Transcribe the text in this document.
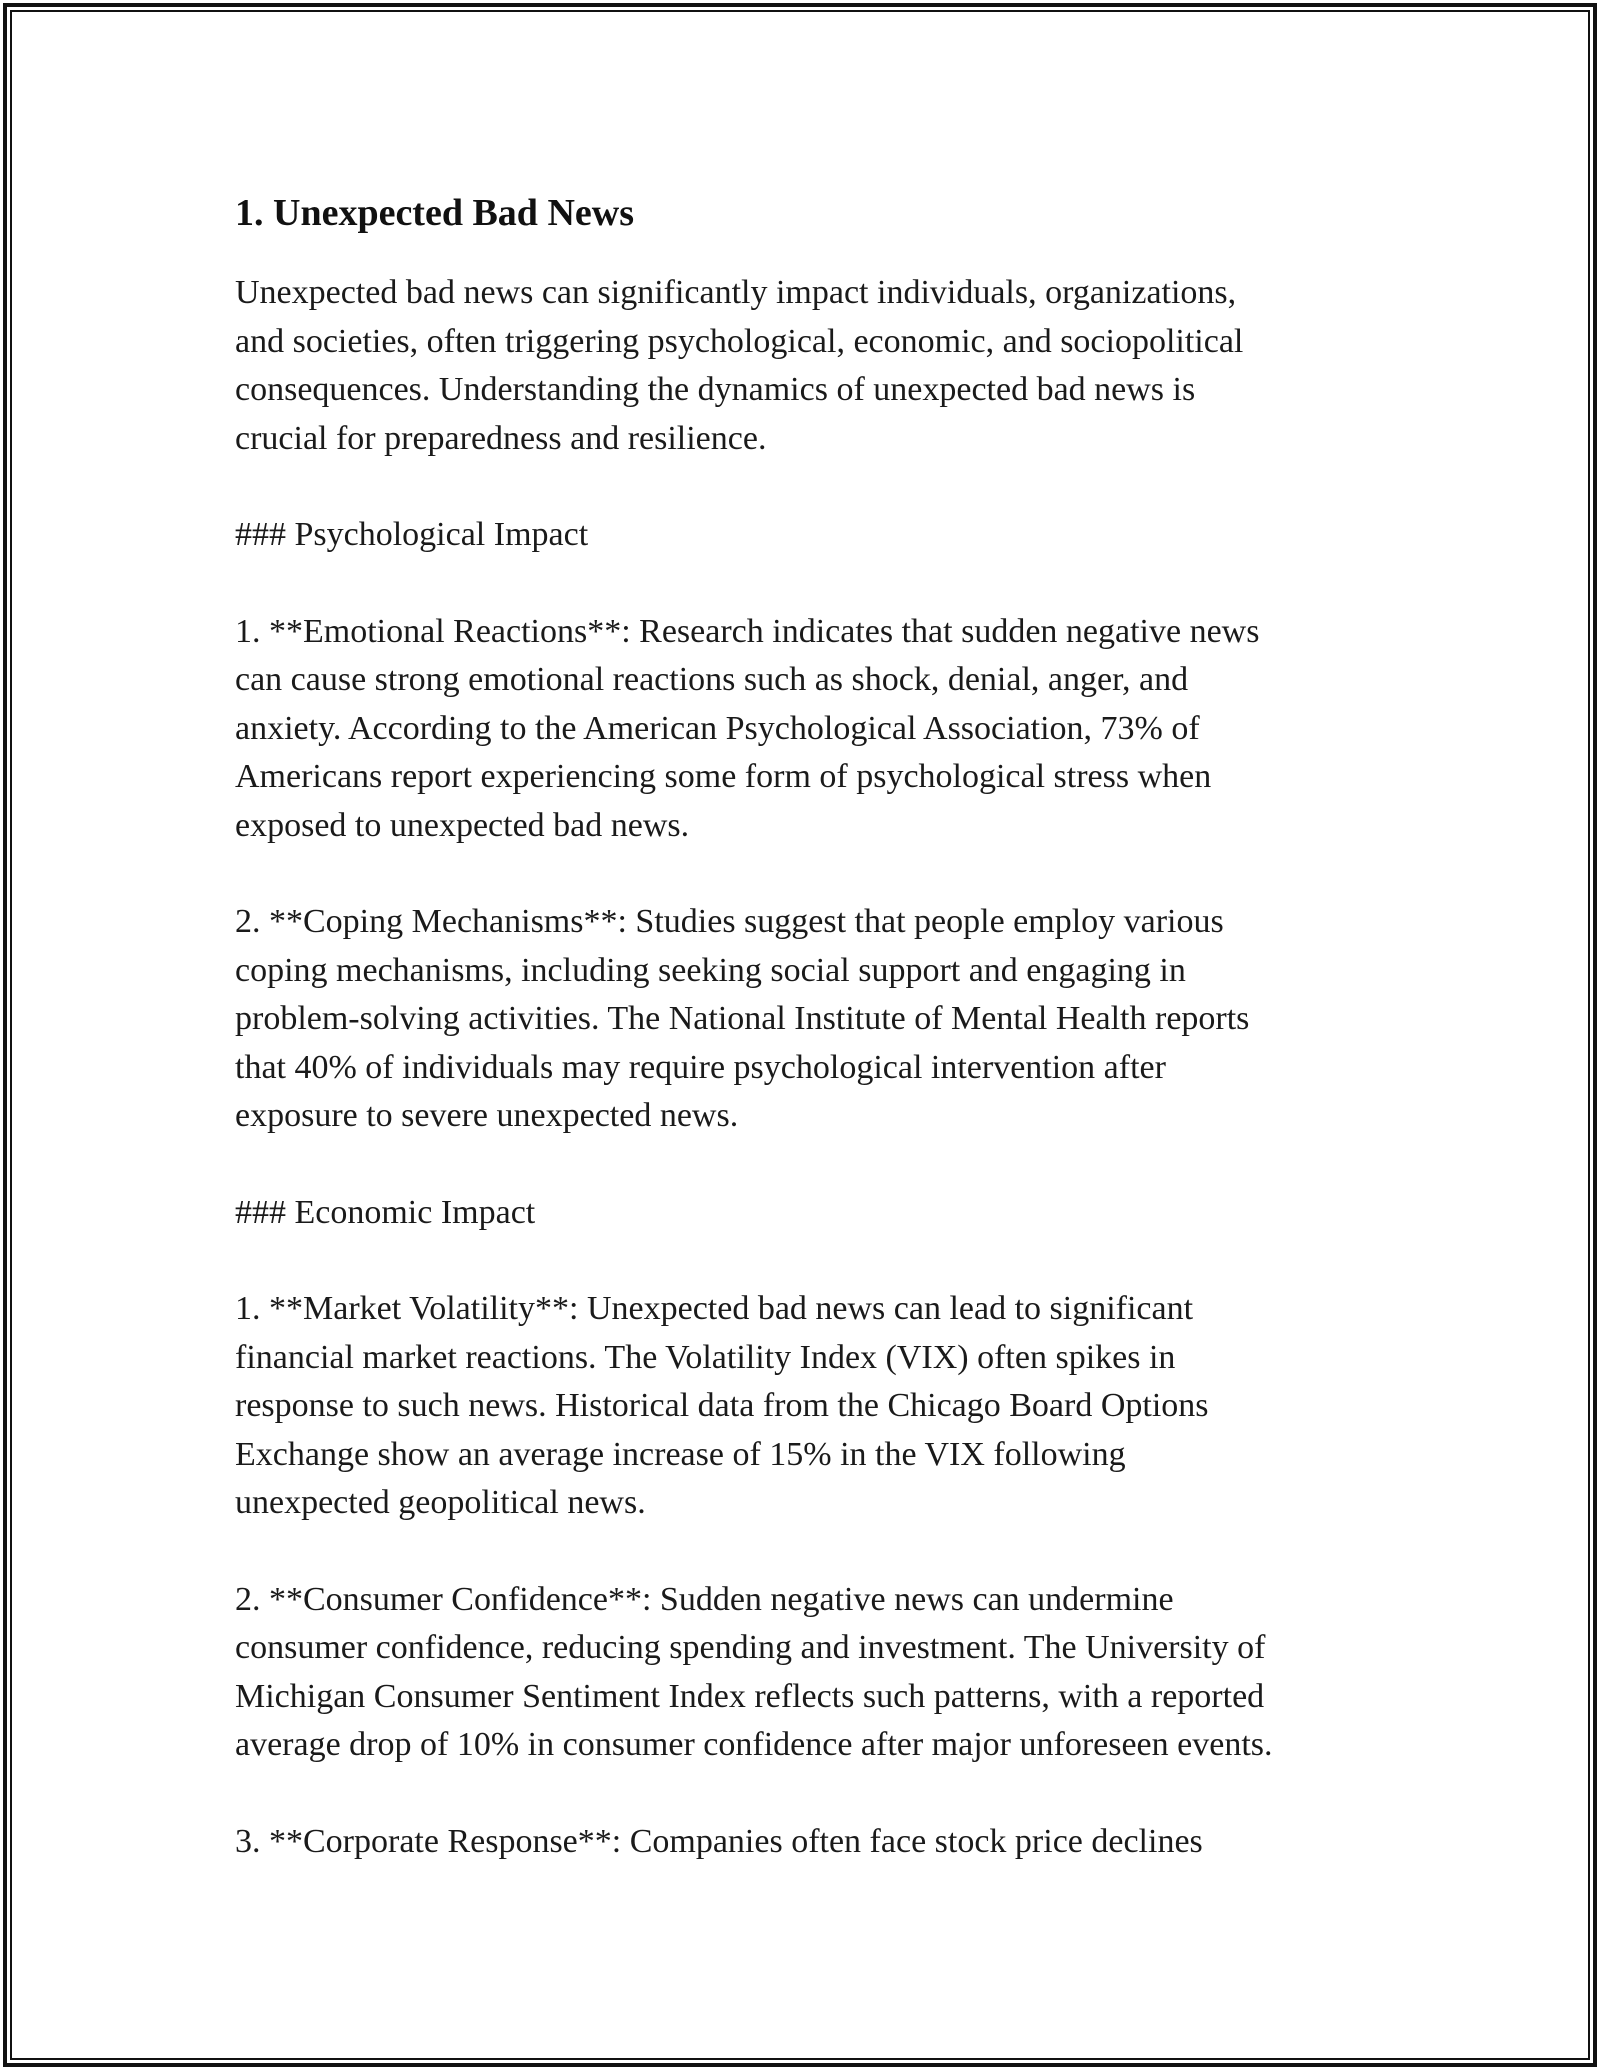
1. Unexpected Bad News

Unexpected bad news can significantly impact individuals, organizations,
and societies, often triggering psychological, economic, and sociopolitical
consequences. Understanding the dynamics of unexpected bad news is
crucial for preparedness and resilience.

### Psychological Impact

1. **Emotional Reactions**: Research indicates that sudden negative news
can cause strong emotional reactions such as shock, denial, anger, and
anxiety. According to the American Psychological Association, 73% of
Americans report experiencing some form of psychological stress when
exposed to unexpected bad news.

2. **Coping Mechanisms**: Studies suggest that people employ various
coping mechanisms, including seeking social support and engaging in
problem-solving activities. The National Institute of Mental Health reports
that 40% of individuals may require psychological intervention after
exposure to severe unexpected news.

### Economic Impact

1. **Market Volatility**: Unexpected bad news can lead to significant
financial market reactions. The Volatility Index (VIX) often spikes in
response to such news. Historical data from the Chicago Board Options
Exchange show an average increase of 15% in the VIX following
unexpected geopolitical news.

2. **Consumer Confidence**: Sudden negative news can undermine
consumer confidence, reducing spending and investment. The University of
Michigan Consumer Sentiment Index reflects such patterns, with a reported
average drop of 10% in consumer confidence after major unforeseen events.

3. **Corporate Response**: Companies often face stock price declines
